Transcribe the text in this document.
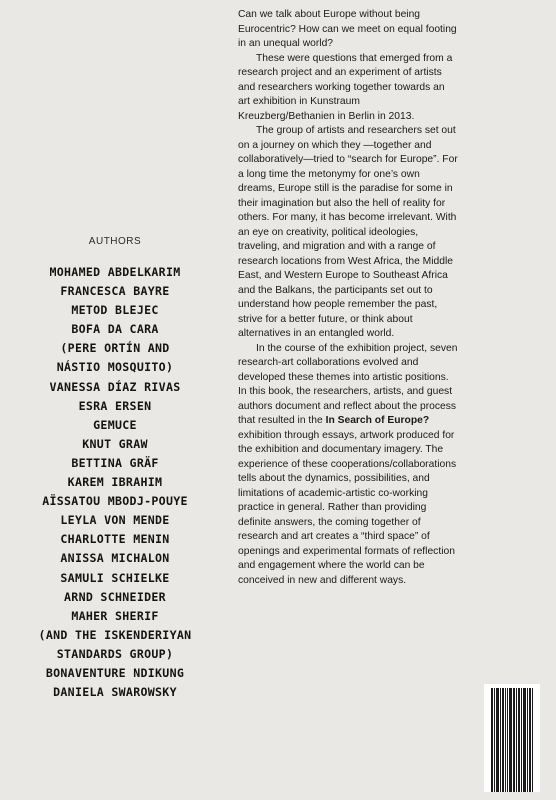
AUTHORS
MOHAMED ABDELKARIM
FRANCESCA BAYRE
METOD BLEJEC
BOFA DA CARA
(PERE ORTÍN AND
NÁSTIO MOSQUITO)
VANESSA DÍAZ RIVAS
ESRA ERSEN
GEMUCE
KNUT GRAW
BETTINA GRÄF
KAREM IBRAHIM
AÏSSATOU MBODJ-POUYE
LEYLA VON MENDE
CHARLOTTE MENIN
ANISSA MICHALON
SAMULI SCHIELKE
ARND SCHNEIDER
MAHER SHERIF
(AND THE ISKENDERIYAN
STANDARDS GROUP)
BONAVENTURE NDIKUNG
DANIELA SWAROWSKY

Can we talk about Europe without being Eurocentric? How can we meet on equal footing in an unequal world?

These were questions that emerged from a research project and an experiment of artists and researchers working together towards an art exhibition in Kunstraum Kreuzberg/Bethanien in Berlin in 2013.

The group of artists and researchers set out on a journey on which they —together and collaboratively—tried to “search for Europe”. For a long time the metonymy for one’s own dreams, Europe still is the paradise for some in their imagination but also the hell of reality for others. For many, it has become irrelevant. With an eye on creativity, political ideologies, traveling, and migration and with a range of research locations from West Africa, the Middle East, and Western Europe to Southeast Africa and the Balkans, the participants set out to understand how people remember the past, strive for a better future, or think about alternatives in an entangled world.

In the course of the exhibition project, seven research-art collaborations evolved and developed these themes into artistic positions. In this book, the researchers, artists, and guest authors document and reflect about the process that resulted in the In Search of Europe? exhibition through essays, artwork produced for the exhibition and documentary imagery. The experience of these cooperations/collaborations tells about the dynamics, possibilities, and limitations of academic-artistic co-working practice in general. Rather than providing definite answers, the coming together of research and art creates a “third space” of openings and experimental formats of reflection and engagement where the world can be conceived in new and different ways.
